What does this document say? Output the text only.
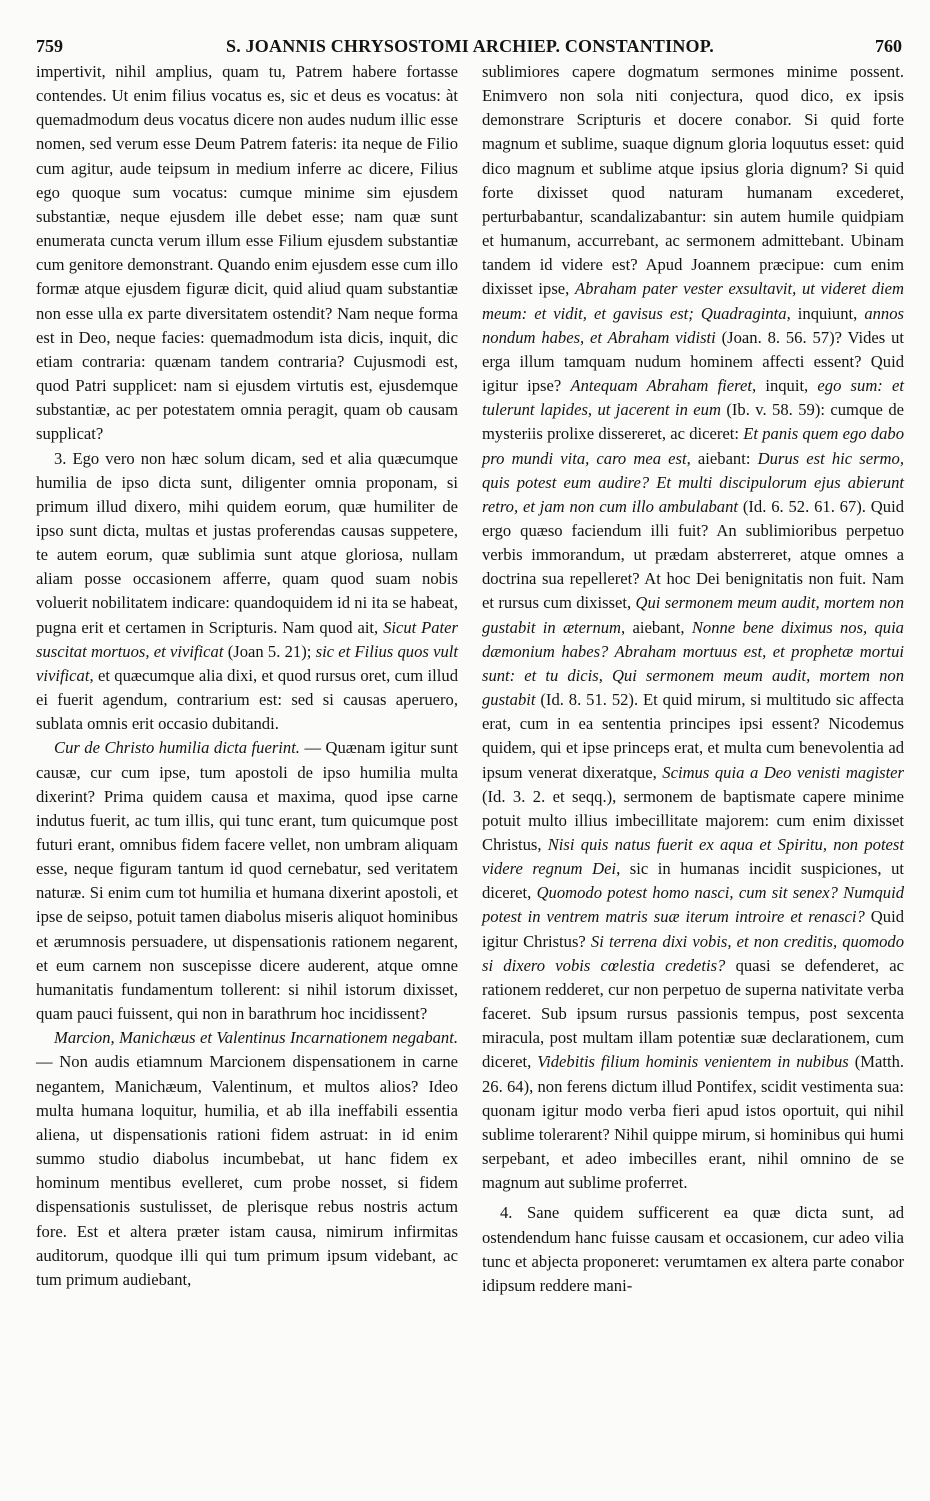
759	S. JOANNIS CHRYSOSTOMI ARCHIEP. CONSTANTINOP.	760

impertivit, nihil amplius, quam tu, Patrem habere fortasse contendes. Ut enim filius vocatus es, sic et deus es vocatus: àt quemadmodum deus vocatus dicere non audes nudum illic esse nomen, sed verum esse Deum Patrem fateris: ita neque de Filio cum agitur, aude teipsum in medium inferre ac dicere, Filius ego quoque sum vocatus: cumque minime sim ejusdem substantiæ, neque ejusdem ille debet esse; nam quæ sunt enumerata cuncta verum illum esse Filium ejusdem substantiæ cum genitore demonstrant. Quando enim ejusdem esse cum illo formæ atque ejusdem figuræ dicit, quid aliud quam substantiæ non esse ulla ex parte diversitatem ostendit? Nam neque forma est in Deo, neque facies: quemadmodum ista dicis, inquit, dic etiam contraria: quænam tandem contraria? Cujusmodi est, quod Patri supplicet: nam si ejusdem virtutis est, ejusdemque substantiæ, ac per potestatem omnia peragit, quam ob causam supplicat?

3. Ego vero non hæc solum dicam, sed et alia quæcumque humilia de ipso dicta sunt, diligenter omnia proponam, si primum illud dixero, mihi quidem eorum, quæ humiliter de ipso sunt dicta, multas et justas proferendas causas suppetere, te autem eorum, quæ sublimia sunt atque gloriosa, nullam aliam posse occasionem afferre, quam quod suam nobis voluerit nobilitatem indicare: quandoquidem id ni ita se habeat, pugna erit et certamen in Scripturis. Nam quod ait, Sicut Pater suscitat mortuos, et vivificat (Joan 5. 21); sic et Filius quos vult vivificat, et quæcumque alia dixi, et quod rursus oret, cum illud ei fuerit agendum, contrarium est: sed si causas aperuero, sublata omnis erit occasio dubitandi.

Cur de Christo humilia dicta fuerint. — Quænam igitur sunt causæ, cur cum ipse, tum apostoli de ipso humilia multa dixerint? Prima quidem causa et maxima, quod ipse carne indutus fuerit, ac tum illis, qui tunc erant, tum quicumque post futuri erant, omnibus fidem facere vellet, non umbram aliquam esse, neque figuram tantum id quod cernebatur, sed veritatem naturæ. Si enim cum tot humilia et humana dixerint apostoli, et ipse de seipso, potuit tamen diabolus miseris aliquot hominibus et ærumnosis persuadere, ut dispensationis rationem negarent, et eum carnem non suscepisse dicere auderent, atque omne humanitatis fundamentum tollerent: si nihil istorum dixisset, quam pauci fuissent, qui non in barathrum hoc incidissent?

Marcion, Manichæus et Valentinus Incarnationem negabant. — Non audis etiamnum Marcionem dispensationem in carne negantem, Manichæum, Valentinum, et multos alios? Ideo multa humana loquitur, humilia, et ab illa ineffabili essentia aliena, ut dispensationis rationi fidem astruat: in id enim summo studio diabolus incumbebat, ut hanc fidem ex hominum mentibus evelleret, cum probe nosset, si fidem dispensationis sustulisset, de plerisque rebus nostris actum fore. Est et altera præter istam causa, nimirum infirmitas auditorum, quodque illi qui tum primum ipsum videbant, ac tum primum audiebant,

sublimiores capere dogmatum sermones minime possent. Enimvero non sola niti conjectura, quod dico, ex ipsis demonstrare Scripturis et docere conabor. Si quid forte magnum et sublime, suaque dignum gloria loquutus esset: quid dico magnum et sublime atque ipsius gloria dignum? Si quid forte dixisset quod naturam humanam excederet, perturbabantur, scandalizabantur: sin autem humile quidpiam et humanum, accurrebant, ac sermonem admittebant. Ubinam tandem id videre est? Apud Joannem præcipue: cum enim dixisset ipse, Abraham pater vester exsultavit, ut videret diem meum: et vidit, et gavisus est; Quadraginta, inquiunt, annos nondum habes, et Abraham vidisti (Joan. 8. 56. 57)? Vides ut erga illum tamquam nudum hominem affecti essent? Quid igitur ipse? Antequam Abraham fieret, inquit, ego sum: et tulerunt lapides, ut jacerent in eum (Ib. v. 58. 59): cumque de mysteriis prolixe dissereret, ac diceret: Et panis quem ego dabo pro mundi vita, caro mea est, aiebant: Durus est hic sermo, quis potest eum audire? Et multi discipulorum ejus abierunt retro, et jam non cum illo ambulabant (Id. 6. 52. 61. 67). Quid ergo quæso faciendum illi fuit? An sublimioribus perpetuo verbis immorandum, ut prædam absterreret, atque omnes a doctrina sua repelleret? At hoc Dei benignitatis non fuit. Nam et rursus cum dixisset, Qui sermonem meum audit, mortem non gustabit in æternum, aiebant, Nonne bene diximus nos, quia dæmonium habes? Abraham mortuus est, et prophetæ mortui sunt: et tu dicis, Qui sermonem meum audit, mortem non gustabit (Id. 8. 51. 52). Et quid mirum, si multitudo sic affecta erat, cum in ea sententia principes ipsi essent? Nicodemus quidem, qui et ipse princeps erat, et multa cum benevolentia ad ipsum venerat dixeratque, Scimus quia a Deo venisti magister (Id. 3. 2. et seqq.), sermonem de baptismate capere minime potuit multo illius imbecillitate majorem: cum enim dixisset Christus, Nisi quis natus fuerit ex aqua et Spiritu, non potest videre regnum Dei, sic in humanas incidit suspiciones, ut diceret, Quomodo potest homo nasci, cum sit senex? Numquid potest in ventrem matris suæ iterum introire et renasci? Quid igitur Christus? Si terrena dixi vobis, et non creditis, quomodo si dixero vobis cœlestia credetis? quasi se defenderet, ac rationem redderet, cur non perpetuo de superna nativitate verba faceret. Sub ipsum rursus passionis tempus, post sexcenta miracula, post multam illam potentiæ suæ declarationem, cum diceret, Videbitis filium hominis venientem in nubibus (Matth. 26. 64), non ferens dictum illud Pontifex, scidit vestimenta sua: quonam igitur modo verba fieri apud istos oportuit, qui nihil sublime tolerarent? Nihil quippe mirum, si hominibus qui humi serpebant, et adeo imbecilles erant, nihil omnino de se magnum aut sublime proferret.

4. Sane quidem sufficerent ea quæ dicta sunt, ad ostendendum hanc fuisse causam et occasionem, cur adeo vilia tunc et abjecta proponeret: verumtamen ex altera parte conabor idipsum reddere mani-
